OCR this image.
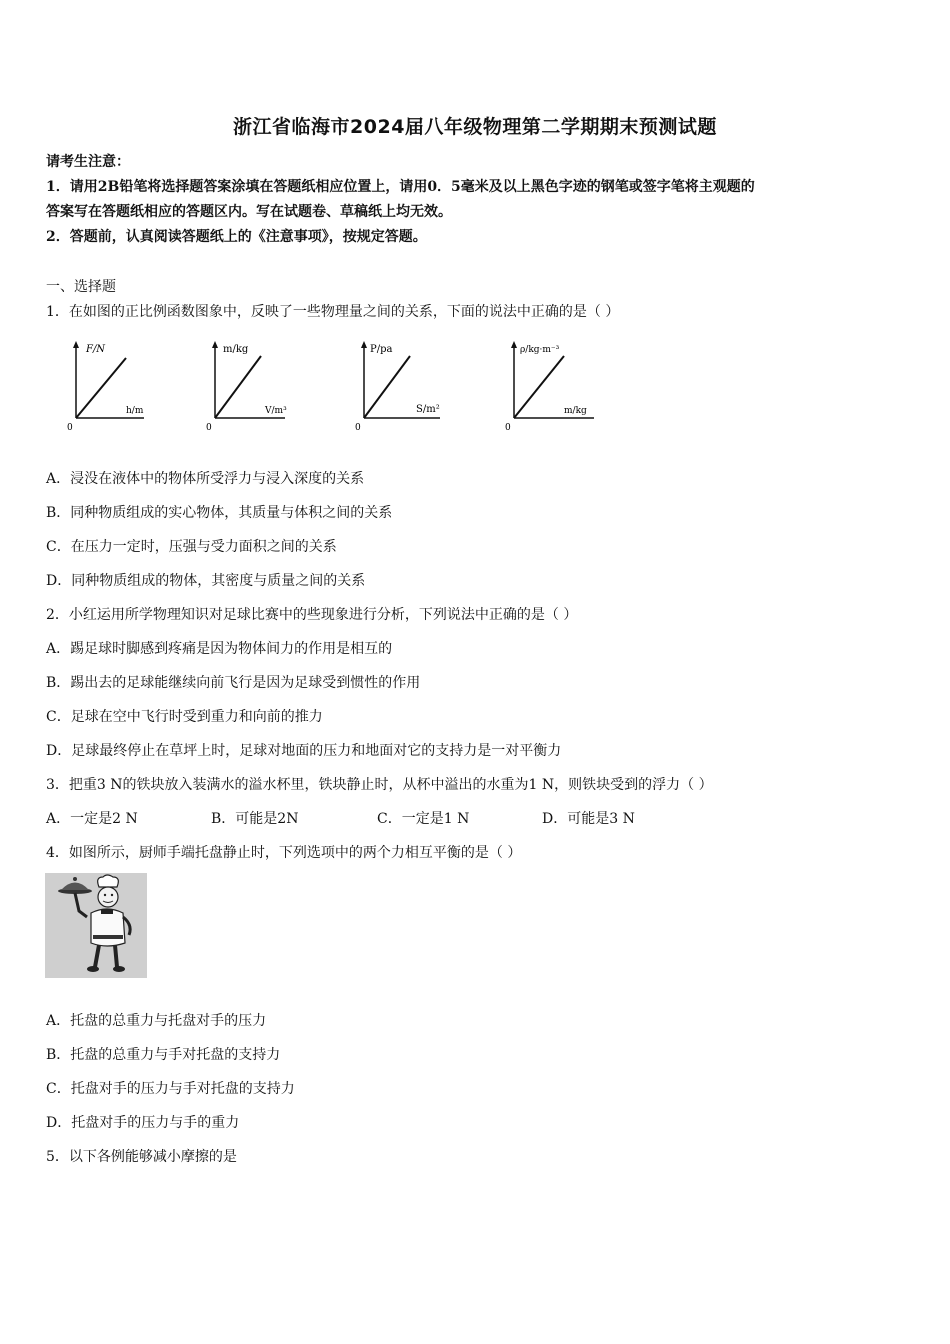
浙江省临海市2024届八年级物理第二学期期末预测试题
请考生注意：
1．请用2B铅笔将选择题答案涂填在答题纸相应位置上，请用0．5毫米及以上黑色字迹的钢笔或签字笔将主观题的
答案写在答题纸相应的答题区内。写在试题卷、草稿纸上均无效。
2．答题前，认真阅读答题纸上的《注意事项》，按规定答题。
一、选择题
1．在如图的正比例函数图象中，反映了一些物理量之间的关系，下面的说法中正确的是（ ）
F/N
h/m
0
m/kg
V/m³
0
P/pa
S/m²
0
ρ/kg·m⁻³
m/kg
0
A．浸没在液体中的物体所受浮力与浸入深度的关系
B．同种物质组成的实心物体，其质量与体积之间的关系
C．在压力一定时，压强与受力面积之间的关系
D．同种物质组成的物体，其密度与质量之间的关系
2．小红运用所学物理知识对足球比赛中的些现象进行分析，下列说法中正确的是（ ）
A．踢足球时脚感到疼痛是因为物体间力的作用是相互的
B．踢出去的足球能继续向前飞行是因为足球受到惯性的作用
C．足球在空中飞行时受到重力和向前的推力
D．足球最终停止在草坪上时，足球对地面的压力和地面对它的支持力是一对平衡力
3．把重3 N的铁块放入装满水的溢水杯里，铁块静止时，从杯中溢出的水重为1 N，则铁块受到的浮力（ ）
A．一定是2 N	B．可能是2N	C．一定是1 N	D．可能是3 N
4．如图所示，厨师手端托盘静止时，下列选项中的两个力相互平衡的是（ ）
A．托盘的总重力与托盘对手的压力
B．托盘的总重力与手对托盘的支持力
C．托盘对手的压力与手对托盘的支持力
D．托盘对手的压力与手的重力
5．以下各例能够减小摩擦的是
